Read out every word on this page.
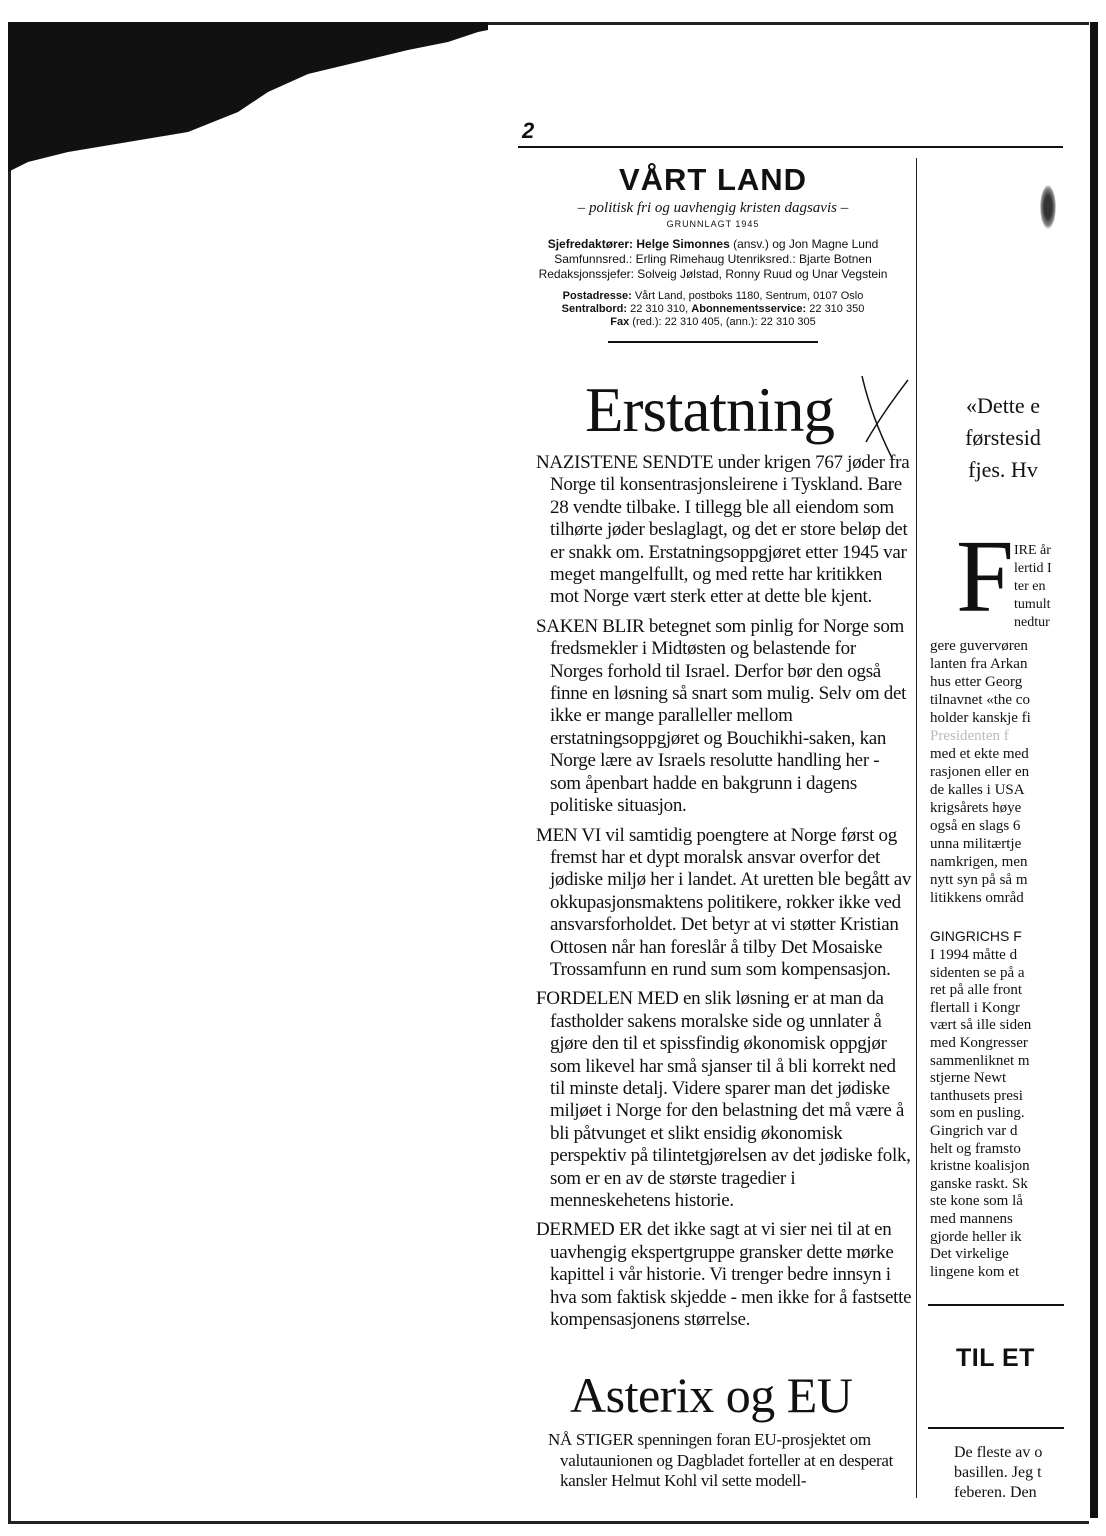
2
VÅRT LAND
– politisk fri og uavhengig kristen dagsavis –
GRUNNLAGT 1945
Sjefredaktører: Helge Simonnes (ansv.) og Jon Magne Lund
Samfunnsred.: Erling Rimehaug Utenriksred.: Bjarte Botnen
Redaksjonssjefer: Solveig Jølstad, Ronny Ruud og Unar Vegstein
Postadresse: Vårt Land, postboks 1180, Sentrum, 0107 Oslo
Sentralbord: 22 310 310, Abonnementsservice: 22 310 350
Fax (red.): 22 310 405, (ann.): 22 310 305
Erstatning

NAZISTENE SENDTE under krigen 767 jøder fra Norge til konsentrasjonsleirene i Tyskland. Bare 28 vendte tilbake. I tillegg ble all eiendom som tilhørte jøder beslaglagt, og det er store beløp det er snakk om. Erstatningsoppgjøret etter 1945 var meget mangelfullt, og med rette har kritikken mot Norge vært sterk etter at dette ble kjent.

SAKEN BLIR betegnet som pinlig for Norge som fredsmekler i Midtøsten og belastende for Norges forhold til Israel. Derfor bør den også finne en løsning så snart som mulig. Selv om det ikke er mange paralleller mellom erstatningsoppgjøret og Bouchikhi-saken, kan Norge lære av Israels resolutte handling her - som åpenbart hadde en bakgrunn i dagens politiske situasjon.

MEN VI vil samtidig poengtere at Norge først og fremst har et dypt moralsk ansvar overfor det jødiske miljø her i landet. At uretten ble begått av okkupasjonsmaktens politikere, rokker ikke ved ansvarsforholdet. Det betyr at vi støtter Kristian Ottosen når han foreslår å tilby Det Mosaiske Trossamfunn en rund sum som kompensasjon.

FORDELEN MED en slik løsning er at man da fastholder sakens moralske side og unnlater å gjøre den til et spissfindig økonomisk oppgjør som likevel har små sjanser til å bli korrekt ned til minste detalj. Videre sparer man det jødiske miljøet i Norge for den belastning det må være å bli påtvunget et slikt ensidig økonomisk perspektiv på tilintetgjørelsen av det jødiske folk, som er en av de største tragedier i menneskehetens historie.

DERMED ER det ikke sagt at vi sier nei til at en uavhengig ekspertgruppe gransker dette mørke kapittel i vår historie. Vi trenger bedre innsyn i hva som faktisk skjedde - men ikke for å fastsette kompensasjonens størrelse.

Asterix og EU

NÅ STIGER spenningen foran EU-prosjektet om valutaunionen og Dagbladet forteller at en desperat kansler Helmut Kohl vil sette modell-

«Dette e
førstesid
fjes. Hv
F IRE år
lertid I
ter en
tumult
nedtur
gere guvervøren
lanten fra Arkan
hus etter Georg
tilnavnet «the co
holder kanskje fi
Presidenten f
med et ekte med
rasjonen eller en
de kalles i USA
krigsårets høye
også en slags 6
unna militærtje
namkrigen, men
nytt syn på så m
litikkens områd
GINGRICHS F
I 1994 måtte d
sidenten se på a
ret på alle front
flertall i Kongr
vært så ille siden
med Kongresser
sammenliknet m
stjerne Newt
tanthusets presi
som en pusling.
Gingrich var d
helt og framsto
kristne koalisjon
ganske raskt. Sk
ste kone som lå
med mannens
gjorde heller ik
Det virkelige
lingene kom et
TIL ET
De fleste av o
basillen. Jeg t
feberen. Den
